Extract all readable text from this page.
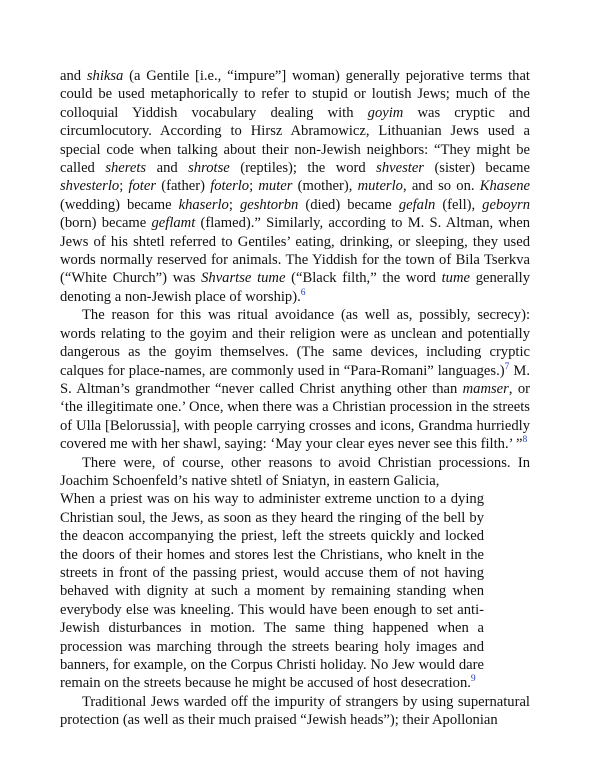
and shiksa (a Gentile [i.e., “impure”] woman) generally pejorative terms that could be used metaphorically to refer to stupid or loutish Jews; much of the colloquial Yiddish vocabulary dealing with goyim was cryptic and circumlocutory. According to Hirsz Abramowicz, Lithuanian Jews used a special code when talking about their non-Jewish neighbors: “They might be called sherets and shrotse (reptiles); the word shvester (sister) became shvesterlo; foter (father) foterlo; muter (mother), muterlo, and so on. Khasene (wedding) became khaserlo; geshtorbn (died) became gefaln (fell), geboyrn (born) became geflamt (flamed).” Similarly, according to M. S. Altman, when Jews of his shtetl referred to Gentiles’ eating, drinking, or sleeping, they used words normally reserved for animals. The Yiddish for the town of Bila Tserkva (“White Church”) was Shvartse tume (“Black filth,” the word tume generally denoting a non-Jewish place of worship).$^6$

The reason for this was ritual avoidance (as well as, possibly, secrecy): words relating to the goyim and their religion were as unclean and potentially dangerous as the goyim themselves. (The same devices, including cryptic calques for place-names, are commonly used in “Para-Romani” languages.)$^7$ M. S. Altman’s grandmother “never called Christ anything other than mamser, or ‘the illegitimate one.’ Once, when there was a Christian procession in the streets of Ulla [Belorussia], with people carrying crosses and icons, Grandma hurriedly covered me with her shawl, saying: ‘May your clear eyes never see this filth.’ ”$^8$

There were, of course, other reasons to avoid Christian processions. In Joachim Schoenfeld’s native shtetl of Sniatyn, in eastern Galicia,

When a priest was on his way to administer extreme unction to a dying Christian soul, the Jews, as soon as they heard the ringing of the bell by the deacon accompanying the priest, left the streets quickly and locked the doors of their homes and stores lest the Christians, who knelt in the streets in front of the passing priest, would accuse them of not having behaved with dignity at such a moment by remaining standing when everybody else was kneeling. This would have been enough to set anti-Jewish disturbances in motion. The same thing happened when a procession was marching through the streets bearing holy images and banners, for example, on the Corpus Christi holiday. No Jew would dare remain on the streets because he might be accused of host desecration.$^9$

Traditional Jews warded off the impurity of strangers by using supernatural protection (as well as their much praised “Jewish heads”); their Apollonian
